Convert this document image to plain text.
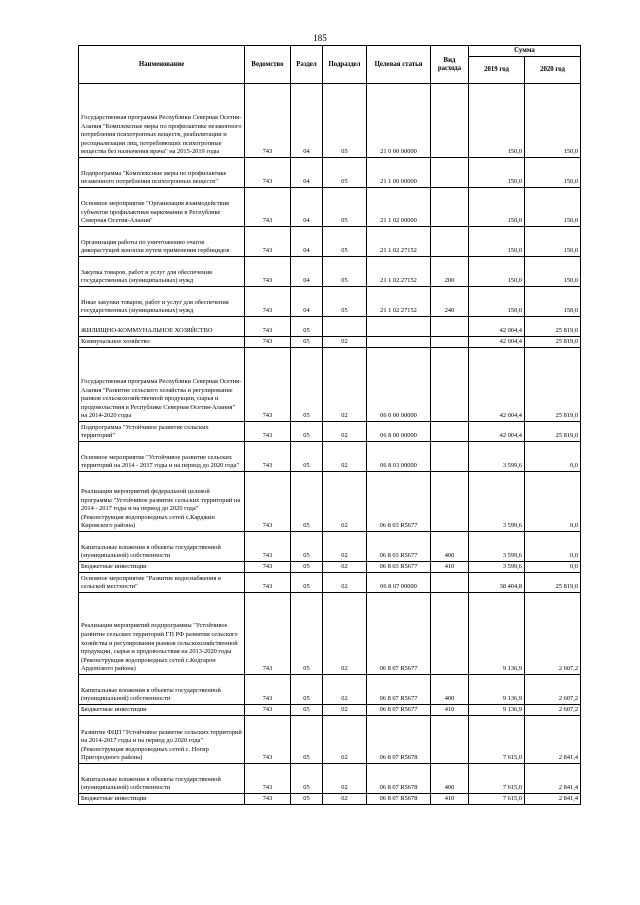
185
Наименование	Ведомство	Раздел	Подраздел	Целевая статья	Вид расхода	Сумма	
						2019 год	2020 год
Государственная программа Республики Северная Осетия-Алания "Комплексные меры по профилактике незаконного потребления психотропных веществ, реабилитации и ресоциализации лиц, потребляющих психотропные вещества без назначения врача" на 2015-2019 годы	743	04	05	21 0 00 00000		150,0	150,0
Подпрограмма "Комплексные меры по профилактике незаконного потребления психотропных веществ"	743	04	05	21 1 00 00000		150,0	150,0
Основное мероприятие "Организация взаимодействия субъектов профилактики наркомании в Республике Северная Осетия-Алания"	743	04	05	21 1 02 00000		150,0	150,0
Организация работы по уничтожению очагов дикорастущей конопли путем применения гербицидов	743	04	05	21 1 02 27152		150,0	150,0
Закупка товаров, работ и услуг для обеспечения государственных (муниципальных) нужд	743	04	05	21 1 02 27152	200	150,0	150,0
Иные закупки товаров, работ и услуг для обеспечения государственных (муниципальных) нужд	743	04	05	21 1 02 27152	240	150,0	150,0
ЖИЛИЩНО-КОММУНАЛЬНОЕ ХОЗЯЙСТВО	743	05				42 004,4	25 819,0
Коммунальное хозяйство	743	05	02			42 004,4	25 819,0
Государственная программа Республики Северная Осетия-Алания "Развитие сельского хозяйства и регулирование рынков сельскохозяйственной продукции, сырья и продовольствия в Республике Северная Осетия-Алания" на 2014-2020 годы	743	05	02	06 0 00 00000		42 004,4	25 819,0
Подпрограмма "Устойчивое развитие сельских территорий"	743	05	02	06 8 00 00000		42 004,4	25 819,0
Основное мероприятие "Устойчивое развитие сельских территорий на 2014 - 2017 годы и на период до 2020 года"	743	05	02	06 8 03 00000		3 599,6	0,0
Реализация мероприятий федеральной целевой программы "Устойчивое развитие сельских территорий на 2014 - 2017 годы и на период до 2020 года" (Реконструкция водопроводных сетей с.Карджин Кировского района)	743	05	02	06 8 03 R5677		3 599,6	0,0
Капитальные вложения в объекты государственной (муниципальной) собственности	743	05	02	06 8 03 R5677	400	3 599,6	0,0
Бюджетные инвестиции	743	05	02	06 8 03 R5677	410	3 599,6	0,0
Основное мероприятие "Развитие водоснабжения в сельской местности"	743	05	02	06 8 07 00000		38 404,8	25 819,0
Реализация мероприятий подпрограммы "Устойчивое развитие сельских территорий ГП РФ развития сельского хозяйства и регулирования рынков сельскохозяйственной продукции, сырья и продовольствия на 2013-2020 годы (Реконструкция водопроводных сетей с.Кодгарон Ардонского района)	743	05	02	06 8 07 R5677		9 136,9	2 607,2
Капитальные вложения в объекты государственной (муниципальной) собственности	743	05	02	06 8 07 R5677	400	9 136,9	2 607,2
Бюджетные инвестиции	743	05	02	06 8 07 R5677	410	9 136,9	2 607,2
Развитие ФЦП "Устойчивое развитие сельских территорий на 2014-2017 годы и на период до 2020 года" (Реконструкция водопроводных сетей с. Ногир Пригородного района)	743	05	02	06 8 07 R5678		7 615,0	2 841,4
Капитальные вложения в объекты государственной (муниципальной) собственности	743	05	02	06 8 07 R5678	400	7 615,0	2 841,4
Бюджетные инвестиции	743	05	02	06 8 07 R5678	410	7 615,0	2 841,4
